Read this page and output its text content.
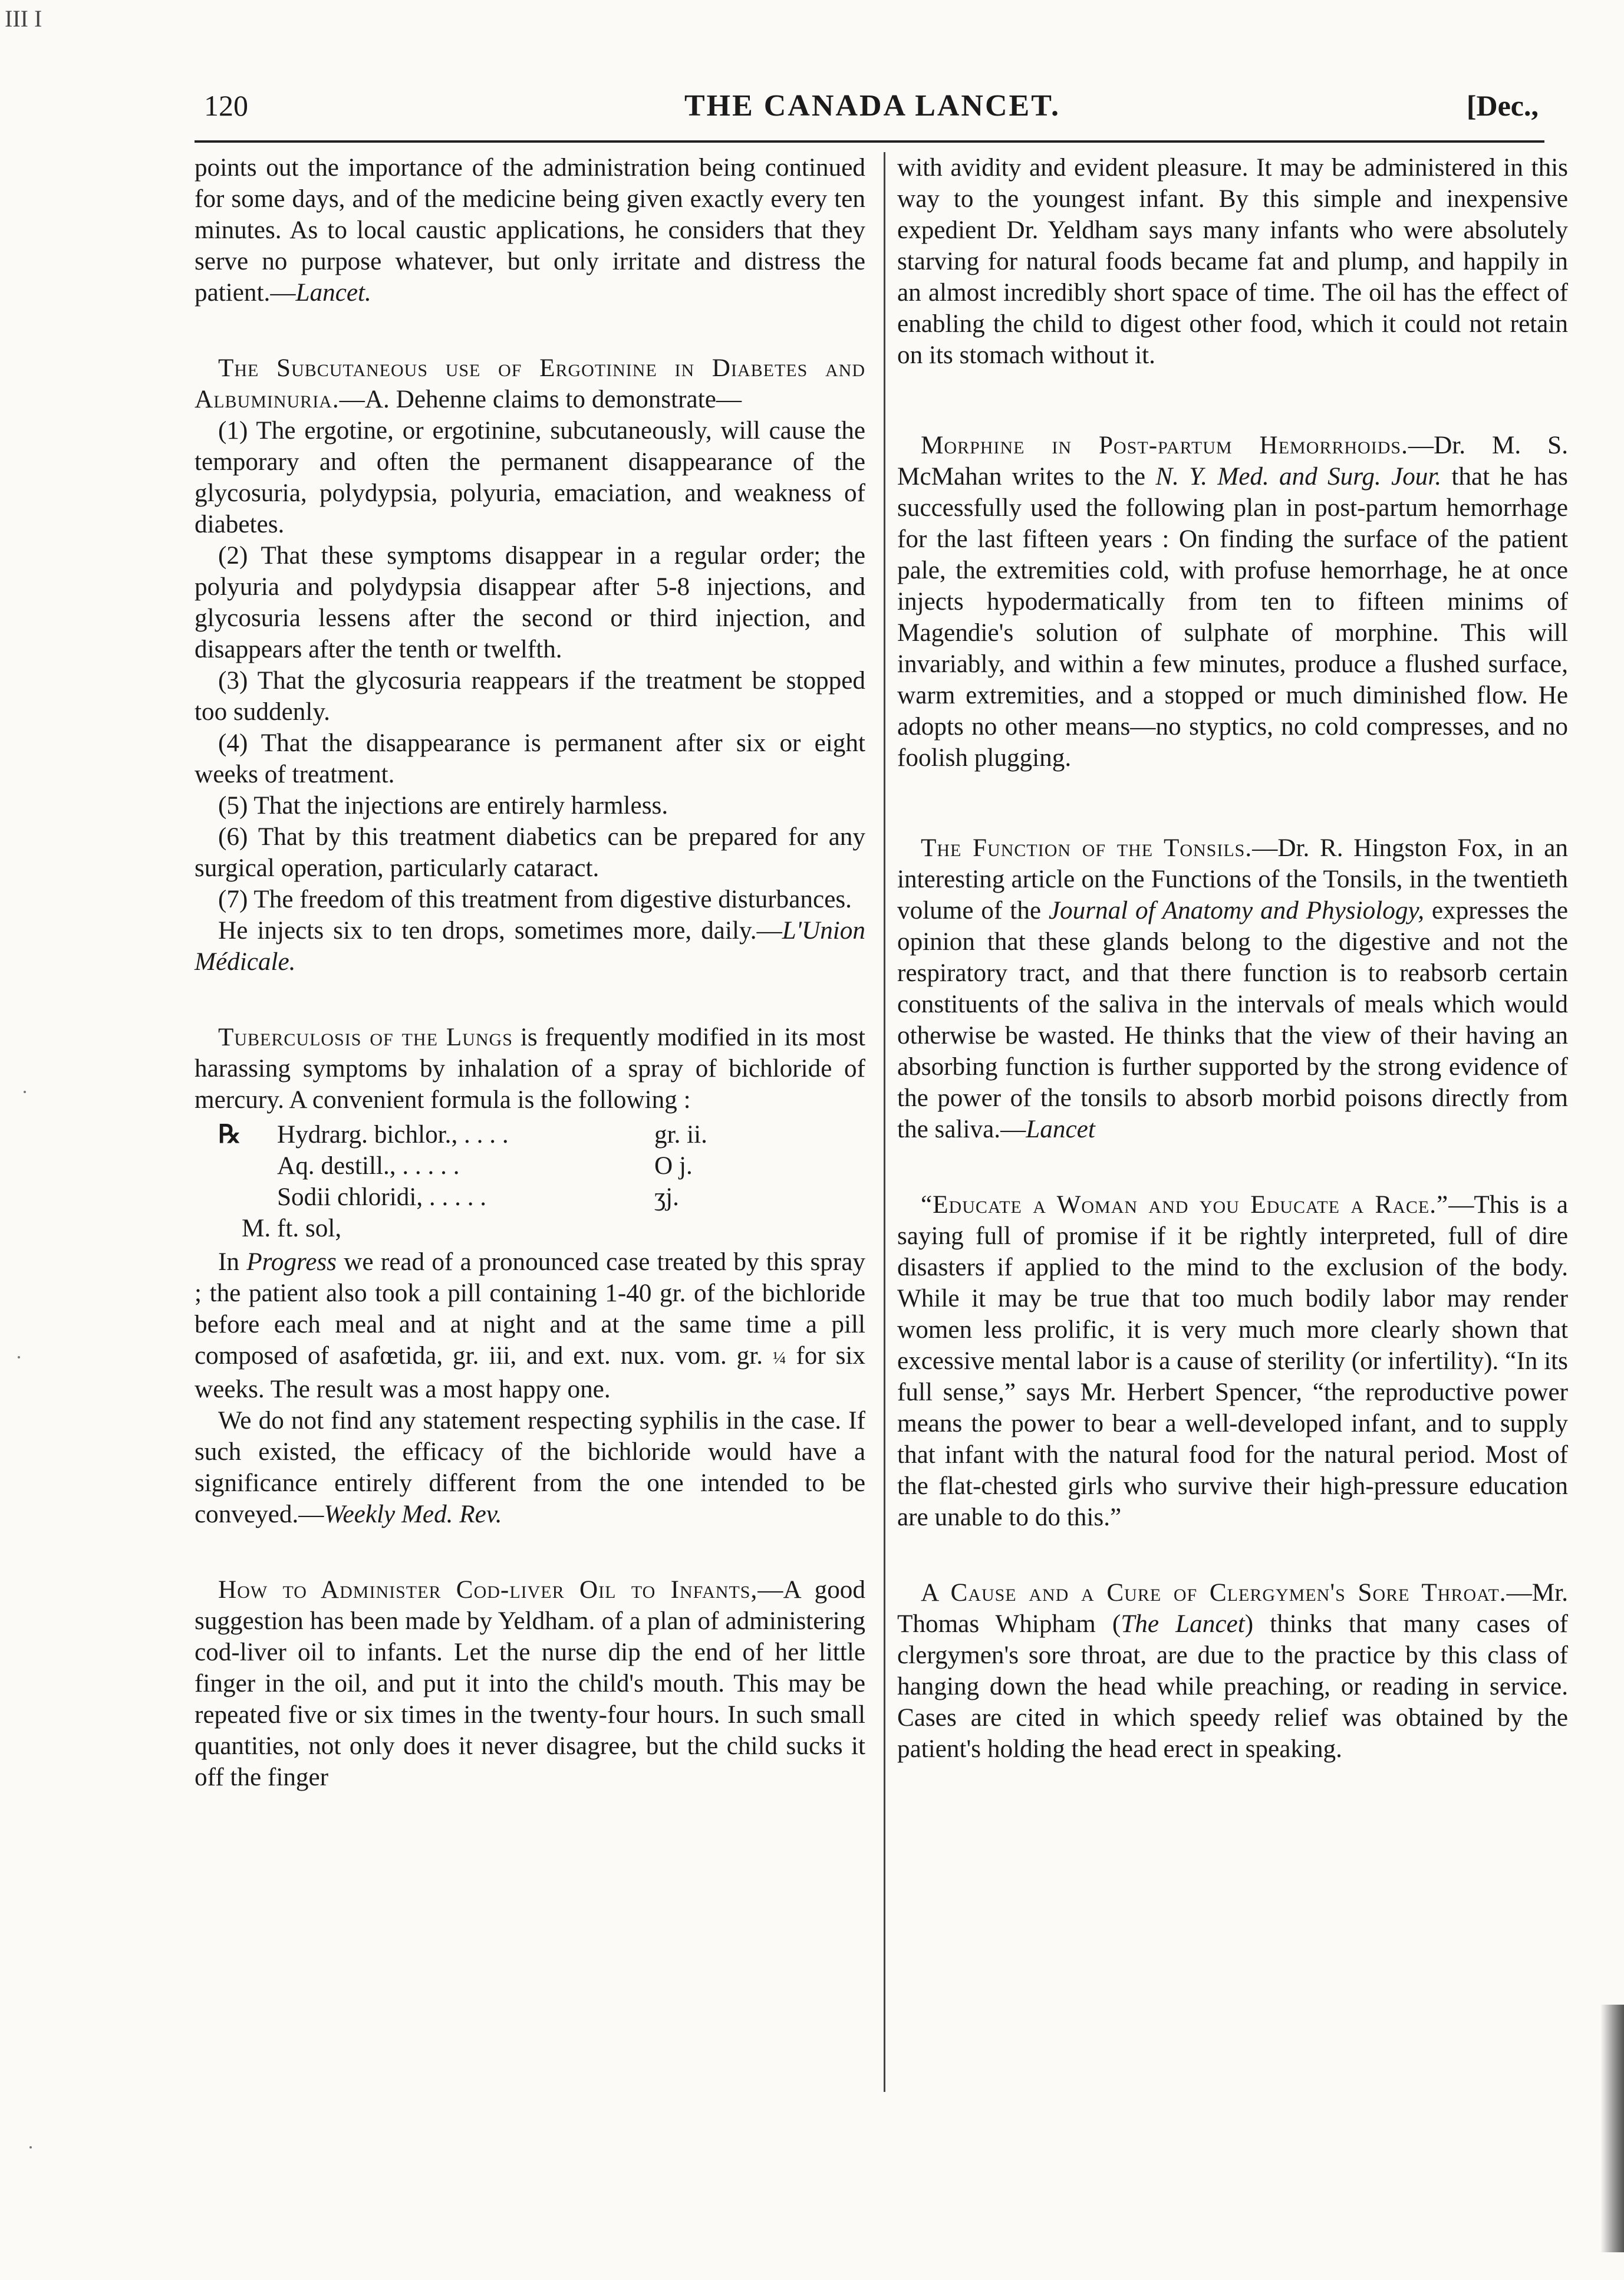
III I
120	THE CANADA LANCET.	[Dec.,

points out the importance of the administration being continued for some days, and of the medicine being given exactly every ten minutes. As to local caustic applications, he considers that they serve no purpose whatever, but only irritate and distress the patient.—Lancet.

The Subcutaneous use of Ergotinine in Diabetes and Albuminuria.—A. Dehenne claims to demonstrate—

(1) The ergotine, or ergotinine, subcutaneously, will cause the temporary and often the permanent disappearance of the glycosuria, polydypsia, polyuria, emaciation, and weakness of diabetes.

(2) That these symptoms disappear in a regular order; the polyuria and polydypsia disappear after 5-8 injections, and glycosuria lessens after the second or third injection, and disappears after the tenth or twelfth.

(3) That the glycosuria reappears if the treatment be stopped too suddenly.

(4) That the disappearance is permanent after six or eight weeks of treatment.

(5) That the injections are entirely harmless.

(6) That by this treatment diabetics can be prepared for any surgical operation, particularly cataract.

(7) The freedom of this treatment from digestive disturbances.

He injects six to ten drops, sometimes more, daily.—L'Union Médicale.

Tuberculosis of the Lungs is frequently modified in its most harassing symptoms by inhalation of a spray of bichloride of mercury. A convenient formula is the following :

℞	Hydrarg. bichlor., . . . .	gr. ii.
Aq. destill., . . . . .	O j.
Sodii chloridi, . . . . .	ʒj.
M. ft. sol,

In Progress we read of a pronounced case treated by this spray ; the patient also took a pill containing 1-40 gr. of the bichloride before each meal and at night and at the same time a pill composed of asafœtida, gr. iii, and ext. nux. vom. gr. ¼ for six weeks. The result was a most happy one.

We do not find any statement respecting syphilis in the case. If such existed, the efficacy of the bichloride would have a significance entirely different from the one intended to be conveyed.—Weekly Med. Rev.

How to Administer Cod-liver Oil to Infants,—A good suggestion has been made by Yeldham. of a plan of administering cod-liver oil to infants. Let the nurse dip the end of her little finger in the oil, and put it into the child's mouth. This may be repeated five or six times in the twenty-four hours. In such small quantities, not only does it never disagree, but the child sucks it off the finger

with avidity and evident pleasure. It may be administered in this way to the youngest infant. By this simple and inexpensive expedient Dr. Yeldham says many infants who were absolutely starving for natural foods became fat and plump, and happily in an almost incredibly short space of time. The oil has the effect of enabling the child to digest other food, which it could not retain on its stomach without it.

Morphine in Post-partum Hemorrhoids.—Dr. M. S. McMahan writes to the N. Y. Med. and Surg. Jour. that he has successfully used the following plan in post-partum hemorrhage for the last fifteen years : On finding the surface of the patient pale, the extremities cold, with profuse hemorrhage, he at once injects hypodermatically from ten to fifteen minims of Magendie's solution of sulphate of morphine. This will invariably, and within a few minutes, produce a flushed surface, warm extremities, and a stopped or much diminished flow. He adopts no other means—no styptics, no cold compresses, and no foolish plugging.

The Function of the Tonsils.—Dr. R. Hingston Fox, in an interesting article on the Functions of the Tonsils, in the twentieth volume of the Journal of Anatomy and Physiology, expresses the opinion that these glands belong to the digestive and not the respiratory tract, and that there function is to reabsorb certain constituents of the saliva in the intervals of meals which would otherwise be wasted. He thinks that the view of their having an absorbing function is further supported by the strong evidence of the power of the tonsils to absorb morbid poisons directly from the saliva.—Lancet

“Educate a Woman and you Educate a Race.”—This is a saying full of promise if it be rightly interpreted, full of dire disasters if applied to the mind to the exclusion of the body. While it may be true that too much bodily labor may render women less prolific, it is very much more clearly shown that excessive mental labor is a cause of sterility (or infertility). “In its full sense,” says Mr. Herbert Spencer, “the reproductive power means the power to bear a well-developed infant, and to supply that infant with the natural food for the natural period. Most of the flat-chested girls who survive their high-pressure education are unable to do this.”

A Cause and a Cure of Clergymen's Sore Throat.—Mr. Thomas Whipham (The Lancet) thinks that many cases of clergymen's sore throat, are due to the practice by this class of hanging down the head while preaching, or reading in service. Cases are cited in which speedy relief was obtained by the patient's holding the head erect in speaking.
